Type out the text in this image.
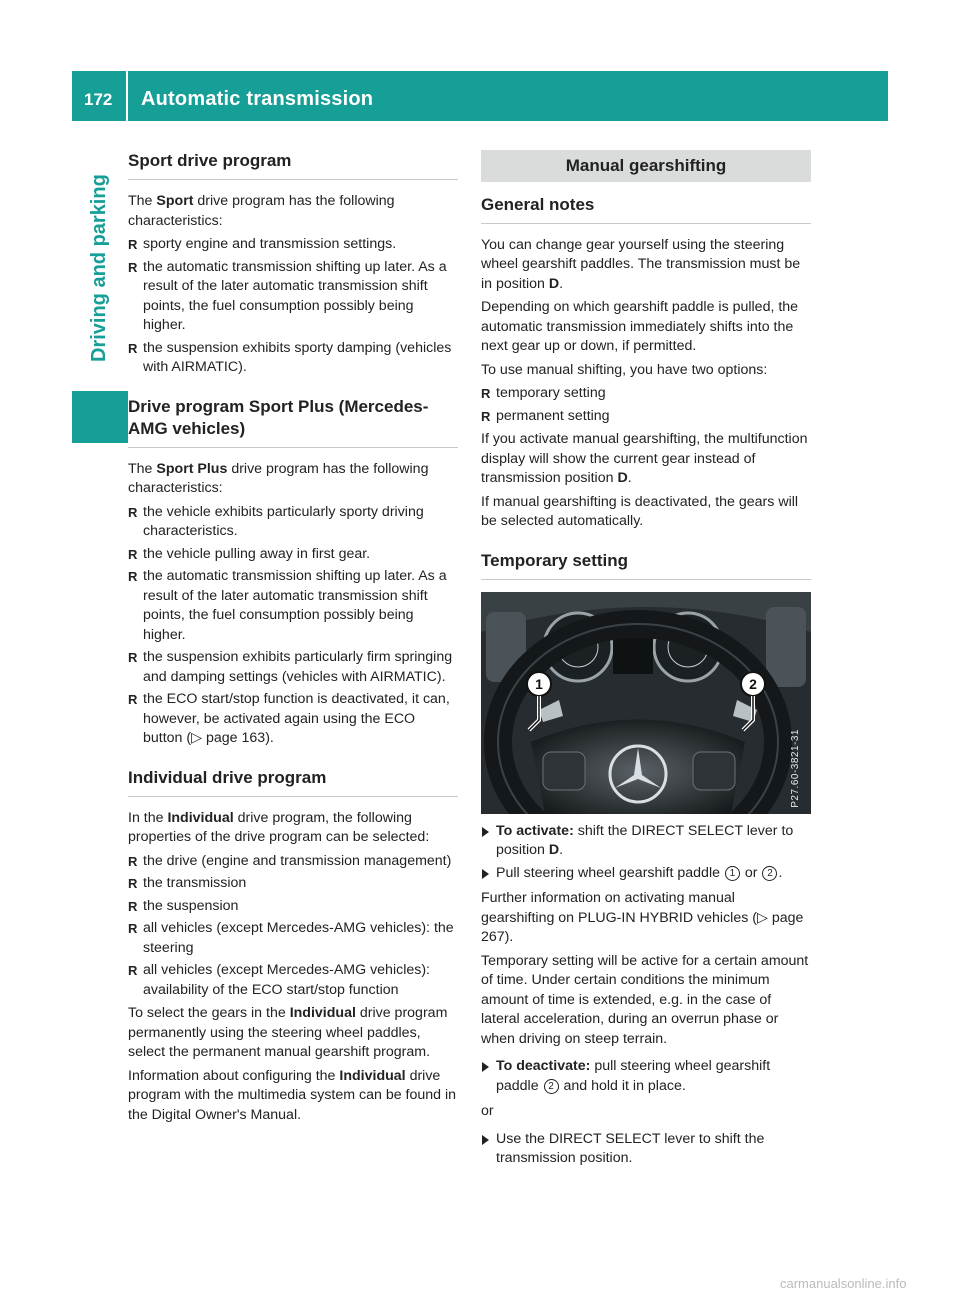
172 Automatic transmission
Driving and parking
Sport drive program

The Sport drive program has the following characteristics:

R sporty engine and transmission settings.
R the automatic transmission shifting up later. As a result of the later automatic transmission shift points, the fuel consumption possibly being higher.
R the suspension exhibits sporty damping (vehicles with AIRMATIC).
Drive program Sport Plus (Mercedes-AMG vehicles)

The Sport Plus drive program has the following characteristics:

R the vehicle exhibits particularly sporty driving characteristics.
R the vehicle pulling away in first gear.
R the automatic transmission shifting up later. As a result of the later automatic transmission shift points, the fuel consumption possibly being higher.
R the suspension exhibits particularly firm springing and damping settings (vehicles with AIRMATIC).
R the ECO start/stop function is deactivated, it can, however, be activated again using the ECO button (▷ page 163).
Individual drive program

In the Individual drive program, the following properties of the drive program can be selected:

R the drive (engine and transmission management)
R the transmission
R the suspension
R all vehicles (except Mercedes-AMG vehicles): the steering
R all vehicles (except Mercedes-AMG vehicles): availability of the ECO start/stop function

To select the gears in the Individual drive program permanently using the steering wheel paddles, select the permanent manual gearshift program.

Information about configuring the Individual drive program with the multimedia system can be found in the Digital Owner's Manual.

Manual gearshifting
General notes

You can change gear yourself using the steering wheel gearshift paddles. The transmission must be in position D.

Depending on which gearshift paddle is pulled, the automatic transmission immediately shifts into the next gear up or down, if permitted.

To use manual shifting, you have two options:

R temporary setting
R permanent setting

If you activate manual gearshifting, the multifunction display will show the current gear instead of transmission position D.

If manual gearshifting is deactivated, the gears will be selected automatically.

Temporary setting
1	2
P27.60-3821-31
To activate: shift the DIRECT SELECT lever to position D.
Pull steering wheel gearshift paddle 1 or 2 .

Further information on activating manual gearshifting on PLUG-IN HYBRID vehicles (▷ page 267).

Temporary setting will be active for a certain amount of time. Under certain conditions the minimum amount of time is extended, e.g. in the case of lateral acceleration, during an overrun phase or when driving on steep terrain.

To deactivate: pull steering wheel gearshift paddle 2 and hold it in place.

or

Use the DIRECT SELECT lever to shift the transmission position.
carmanualsonline.info
